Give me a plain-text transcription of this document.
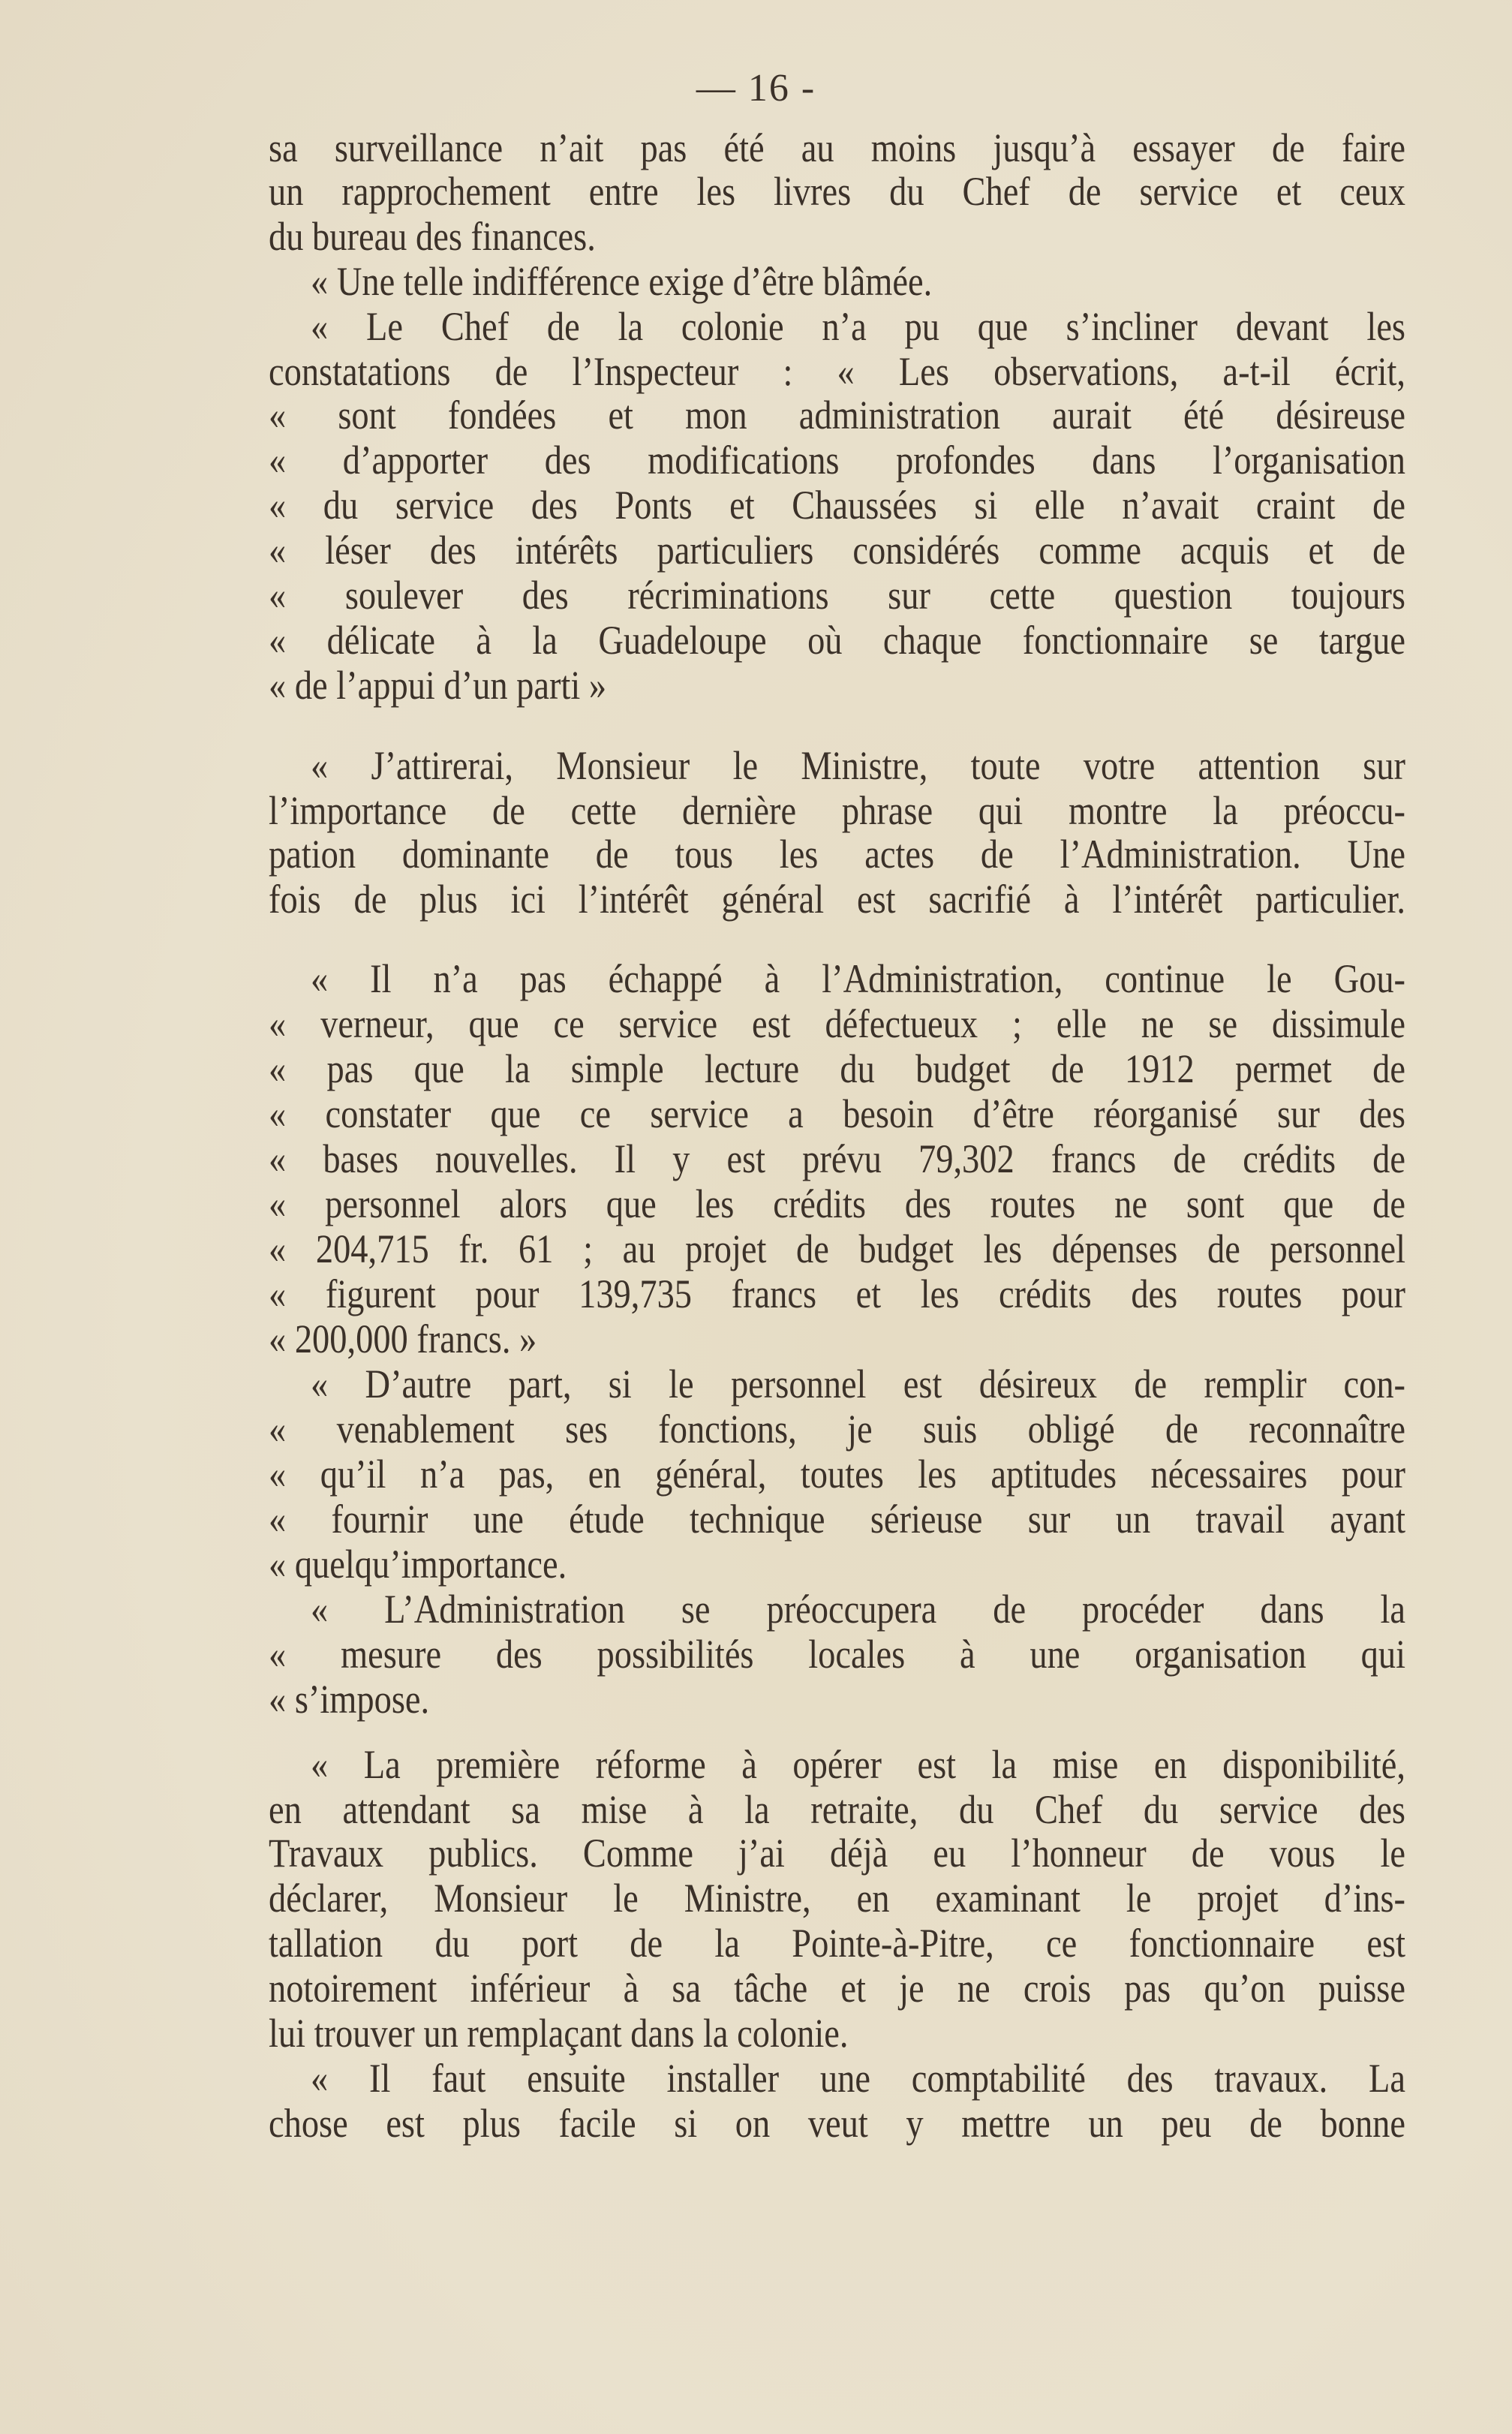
— 16 -
sa surveillance n’ait pas été au moins jusqu’à essayer de faire
un rapprochement entre les livres du Chef de service et ceux
du bureau des finances.
« Une telle indifférence exige d’être blâmée.
« Le Chef de la colonie n’a pu que s’incliner devant les
constatations de l’Inspecteur : « Les observations, a-t-il écrit,
« sont fondées et mon administration aurait été désireuse
« d’apporter des modifications profondes dans l’organisation
« du service des Ponts et Chaussées si elle n’avait craint de
« léser des intérêts particuliers considérés comme acquis et de
« soulever des récriminations sur cette question toujours
« délicate à la Guadeloupe où chaque fonctionnaire se targue
« de l’appui d’un parti »
« J’attirerai, Monsieur le Ministre, toute votre attention sur
l’importance de cette dernière phrase qui montre la préoccu-
pation dominante de tous les actes de l’Administration. Une
fois de plus ici l’intérêt général est sacrifié à l’intérêt particulier.
« Il n’a pas échappé à l’Administration, continue le Gou-
« verneur, que ce service est défectueux ; elle ne se dissimule
« pas que la simple lecture du budget de 1912 permet de
« constater que ce service a besoin d’être réorganisé sur des
« bases nouvelles. Il y est prévu 79,302 francs de crédits de
« personnel alors que les crédits des routes ne sont que de
« 204,715 fr. 61 ; au projet de budget les dépenses de personnel
« figurent pour 139,735 francs et les crédits des routes pour
« 200,000 francs. »
« D’autre part, si le personnel est désireux de remplir con-
« venablement ses fonctions, je suis obligé de reconnaître
« qu’il n’a pas, en général, toutes les aptitudes nécessaires pour
« fournir une étude technique sérieuse sur un travail ayant
« quelqu’importance.
« L’Administration se préoccupera de procéder dans la
« mesure des possibilités locales à une organisation qui
« s’impose.
« La première réforme à opérer est la mise en disponibilité,
en attendant sa mise à la retraite, du Chef du service des
Travaux publics. Comme j’ai déjà eu l’honneur de vous le
déclarer, Monsieur le Ministre, en examinant le projet d’ins-
tallation du port de la Pointe-à-Pitre, ce fonctionnaire est
notoirement inférieur à sa tâche et je ne crois pas qu’on puisse
lui trouver un remplaçant dans la colonie.
« Il faut ensuite installer une comptabilité des travaux. La
chose est plus facile si on veut y mettre un peu de bonne
